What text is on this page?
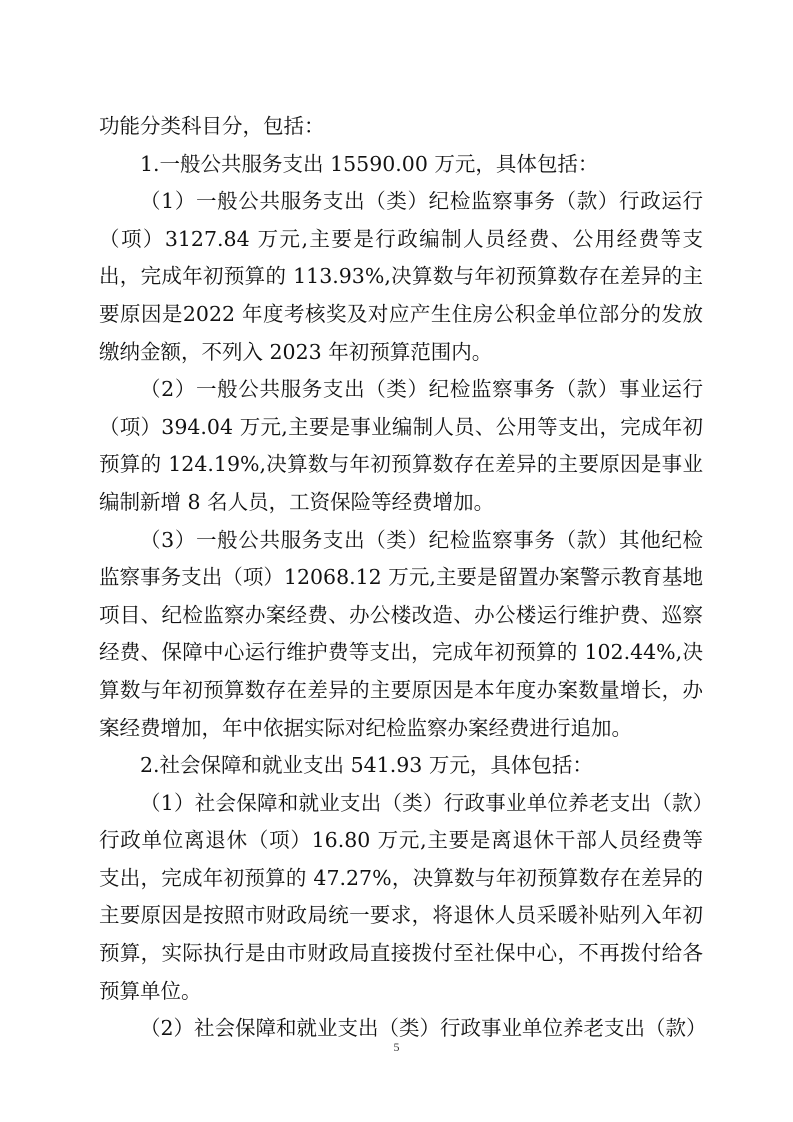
功能分类科目分，包括：

1.一般公共服务支出 15590.00 万元，具体包括：

（1）一般公共服务支出（类）纪检监察事务（款）行政运行（项）3127.84 万元,主要是行政编制人员经费、公用经费等支出，完成年初预算的 113.93%,决算数与年初预算数存在差异的主要原因是2022 年度考核奖及对应产生住房公积金单位部分的发放缴纳金额，不列入 2023 年初预算范围内。

（2）一般公共服务支出（类）纪检监察事务（款）事业运行（项）394.04 万元,主要是事业编制人员、公用等支出，完成年初预算的 124.19%,决算数与年初预算数存在差异的主要原因是事业编制新增 8 名人员，工资保险等经费增加。

（3）一般公共服务支出（类）纪检监察事务（款）其他纪检监察事务支出（项）12068.12 万元,主要是留置办案警示教育基地项目、纪检监察办案经费、办公楼改造、办公楼运行维护费、巡察经费、保障中心运行维护费等支出，完成年初预算的 102.44%,决算数与年初预算数存在差异的主要原因是本年度办案数量增长，办案经费增加，年中依据实际对纪检监察办案经费进行追加。

2.社会保障和就业支出 541.93 万元，具体包括：

（1）社会保障和就业支出（类）行政事业单位养老支出（款）行政单位离退休（项）16.80 万元,主要是离退休干部人员经费等支出，完成年初预算的 47.27%，决算数与年初预算数存在差异的主要原因是按照市财政局统一要求，将退休人员采暖补贴列入年初预算，实际执行是由市财政局直接拨付至社保中心，不再拨付给各预算单位。

（2）社会保障和就业支出（类）行政事业单位养老支出（款）

5
